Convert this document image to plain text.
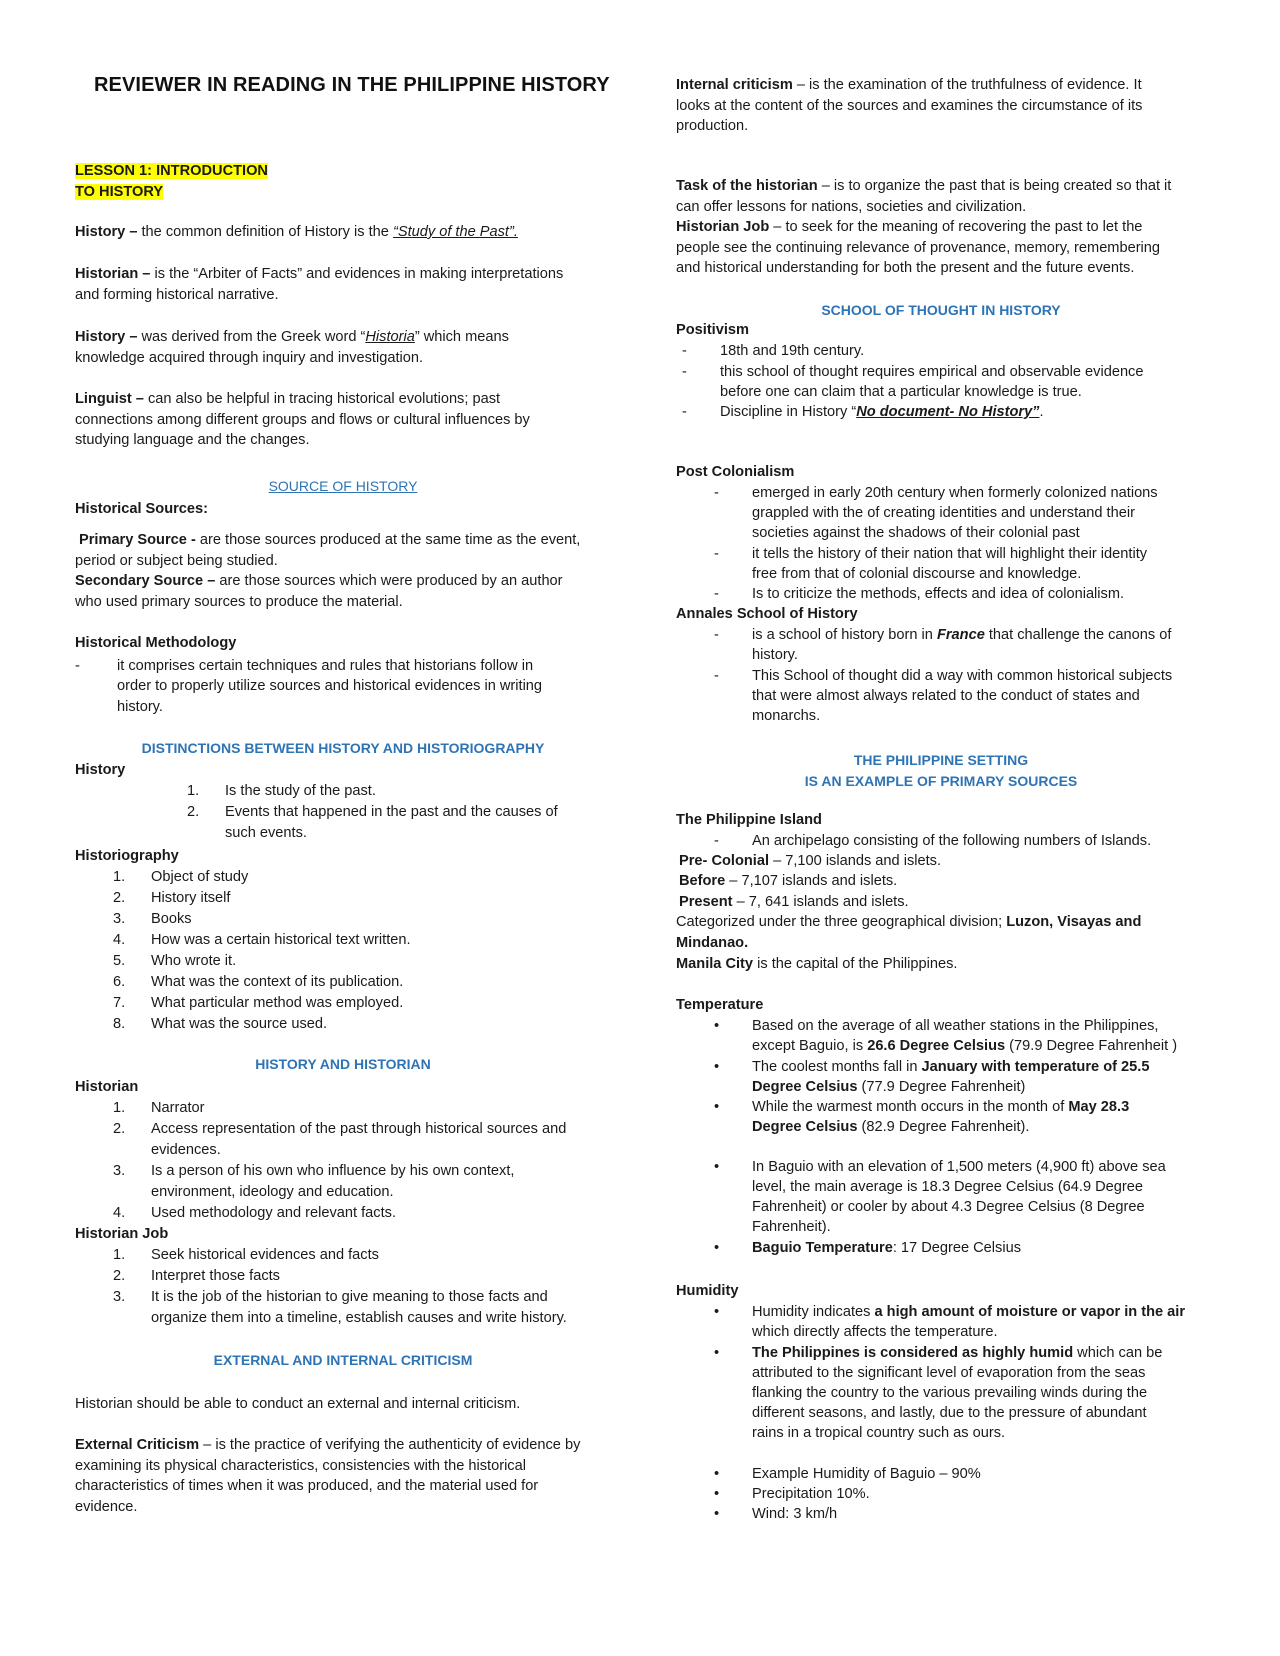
REVIEWER IN READING IN THE PHILIPPINE HISTORY
LESSON 1: INTRODUCTION
TO HISTORY
History – the common definition of History is the “Study of the Past”.
Historian – is the “Arbiter of Facts” and evidences in making interpretations
and forming historical narrative.
History – was derived from the Greek word “Historia” which means
knowledge acquired through inquiry and investigation.
Linguist – can also be helpful in tracing historical evolutions; past
connections among different groups and flows or cultural influences by
studying language and the changes.
SOURCE OF HISTORY
Historical Sources:
Primary Source - are those sources produced at the same time as the event,
period or subject being studied.
Secondary Source – are those sources which were produced by an author
who used primary sources to produce the material.
Historical Methodology
-	it comprises certain techniques and rules that historians follow in
order to properly utilize sources and historical evidences in writing
history.
DISTINCTIONS BETWEEN HISTORY AND HISTORIOGRAPHY
History
1. Is the study of the past.
2. Events that happened in the past and the causes of
such events.
Historiography
1. Object of study
2. History itself
3. Books
4. How was a certain historical text written.
5. Who wrote it.
6. What was the context of its publication.
7. What particular method was employed.
8. What was the source used.
HISTORY AND HISTORIAN
Historian
1. Narrator
2. Access representation of the past through historical sources and
evidences.
3. Is a person of his own who influence by his own context,
environment, ideology and education.
4. Used methodology and relevant facts.
Historian Job
1. Seek historical evidences and facts
2. Interpret those facts
3. It is the job of the historian to give meaning to those facts and
organize them into a timeline, establish causes and write history.
EXTERNAL AND INTERNAL CRITICISM
Historian should be able to conduct an external and internal criticism.
External Criticism – is the practice of verifying the authenticity of evidence by
examining its physical characteristics, consistencies with the historical
characteristics of times when it was produced, and the material used for
evidence.
Internal criticism – is the examination of the truthfulness of evidence. It
looks at the content of the sources and examines the circumstance of its
production.
Task of the historian – is to organize the past that is being created so that it
can offer lessons for nations, societies and civilization.
Historian Job – to seek for the meaning of recovering the past to let the
people see the continuing relevance of provenance, memory, remembering
and historical understanding for both the present and the future events.
SCHOOL OF THOUGHT IN HISTORY
Positivism
- 18th and 19th century.
- this school of thought requires empirical and observable evidence
before one can claim that a particular knowledge is true.
- Discipline in History “No document- No History”.
Post Colonialism
- emerged in early 20th century when formerly colonized nations
grappled with the of creating identities and understand their
societies against the shadows of their colonial past
- it tells the history of their nation that will highlight their identity
free from that of colonial discourse and knowledge.
- Is to criticize the methods, effects and idea of colonialism.
Annales School of History
- is a school of history born in France that challenge the canons of
history.
- This School of thought did a way with common historical subjects
that were almost always related to the conduct of states and
monarchs.
THE PHILIPPINE SETTING
IS AN EXAMPLE OF PRIMARY SOURCES
The Philippine Island
- An archipelago consisting of the following numbers of Islands.
Pre- Colonial – 7,100 islands and islets.
Before – 7,107 islands and islets.
Present – 7, 641 islands and islets.
Categorized under the three geographical division; Luzon, Visayas and
Mindanao.
Manila City is the capital of the Philippines.
Temperature
• Based on the average of all weather stations in the Philippines,
except Baguio, is 26.6 Degree Celsius (79.9 Degree Fahrenheit )
• The coolest months fall in January with temperature of 25.5
Degree Celsius (77.9 Degree Fahrenheit)
• While the warmest month occurs in the month of May 28.3
Degree Celsius (82.9 Degree Fahrenheit).
• In Baguio with an elevation of 1,500 meters (4,900 ft) above sea
level, the main average is 18.3 Degree Celsius (64.9 Degree
Fahrenheit) or cooler by about 4.3 Degree Celsius (8 Degree
Fahrenheit).
• Baguio Temperature: 17 Degree Celsius
Humidity
• Humidity indicates a high amount of moisture or vapor in the air
which directly affects the temperature.
• The Philippines is considered as highly humid which can be
attributed to the significant level of evaporation from the seas
flanking the country to the various prevailing winds during the
different seasons, and lastly, due to the pressure of abundant
rains in a tropical country such as ours.
• Example Humidity of Baguio – 90%
• Precipitation 10%.
• Wind: 3 km/h
